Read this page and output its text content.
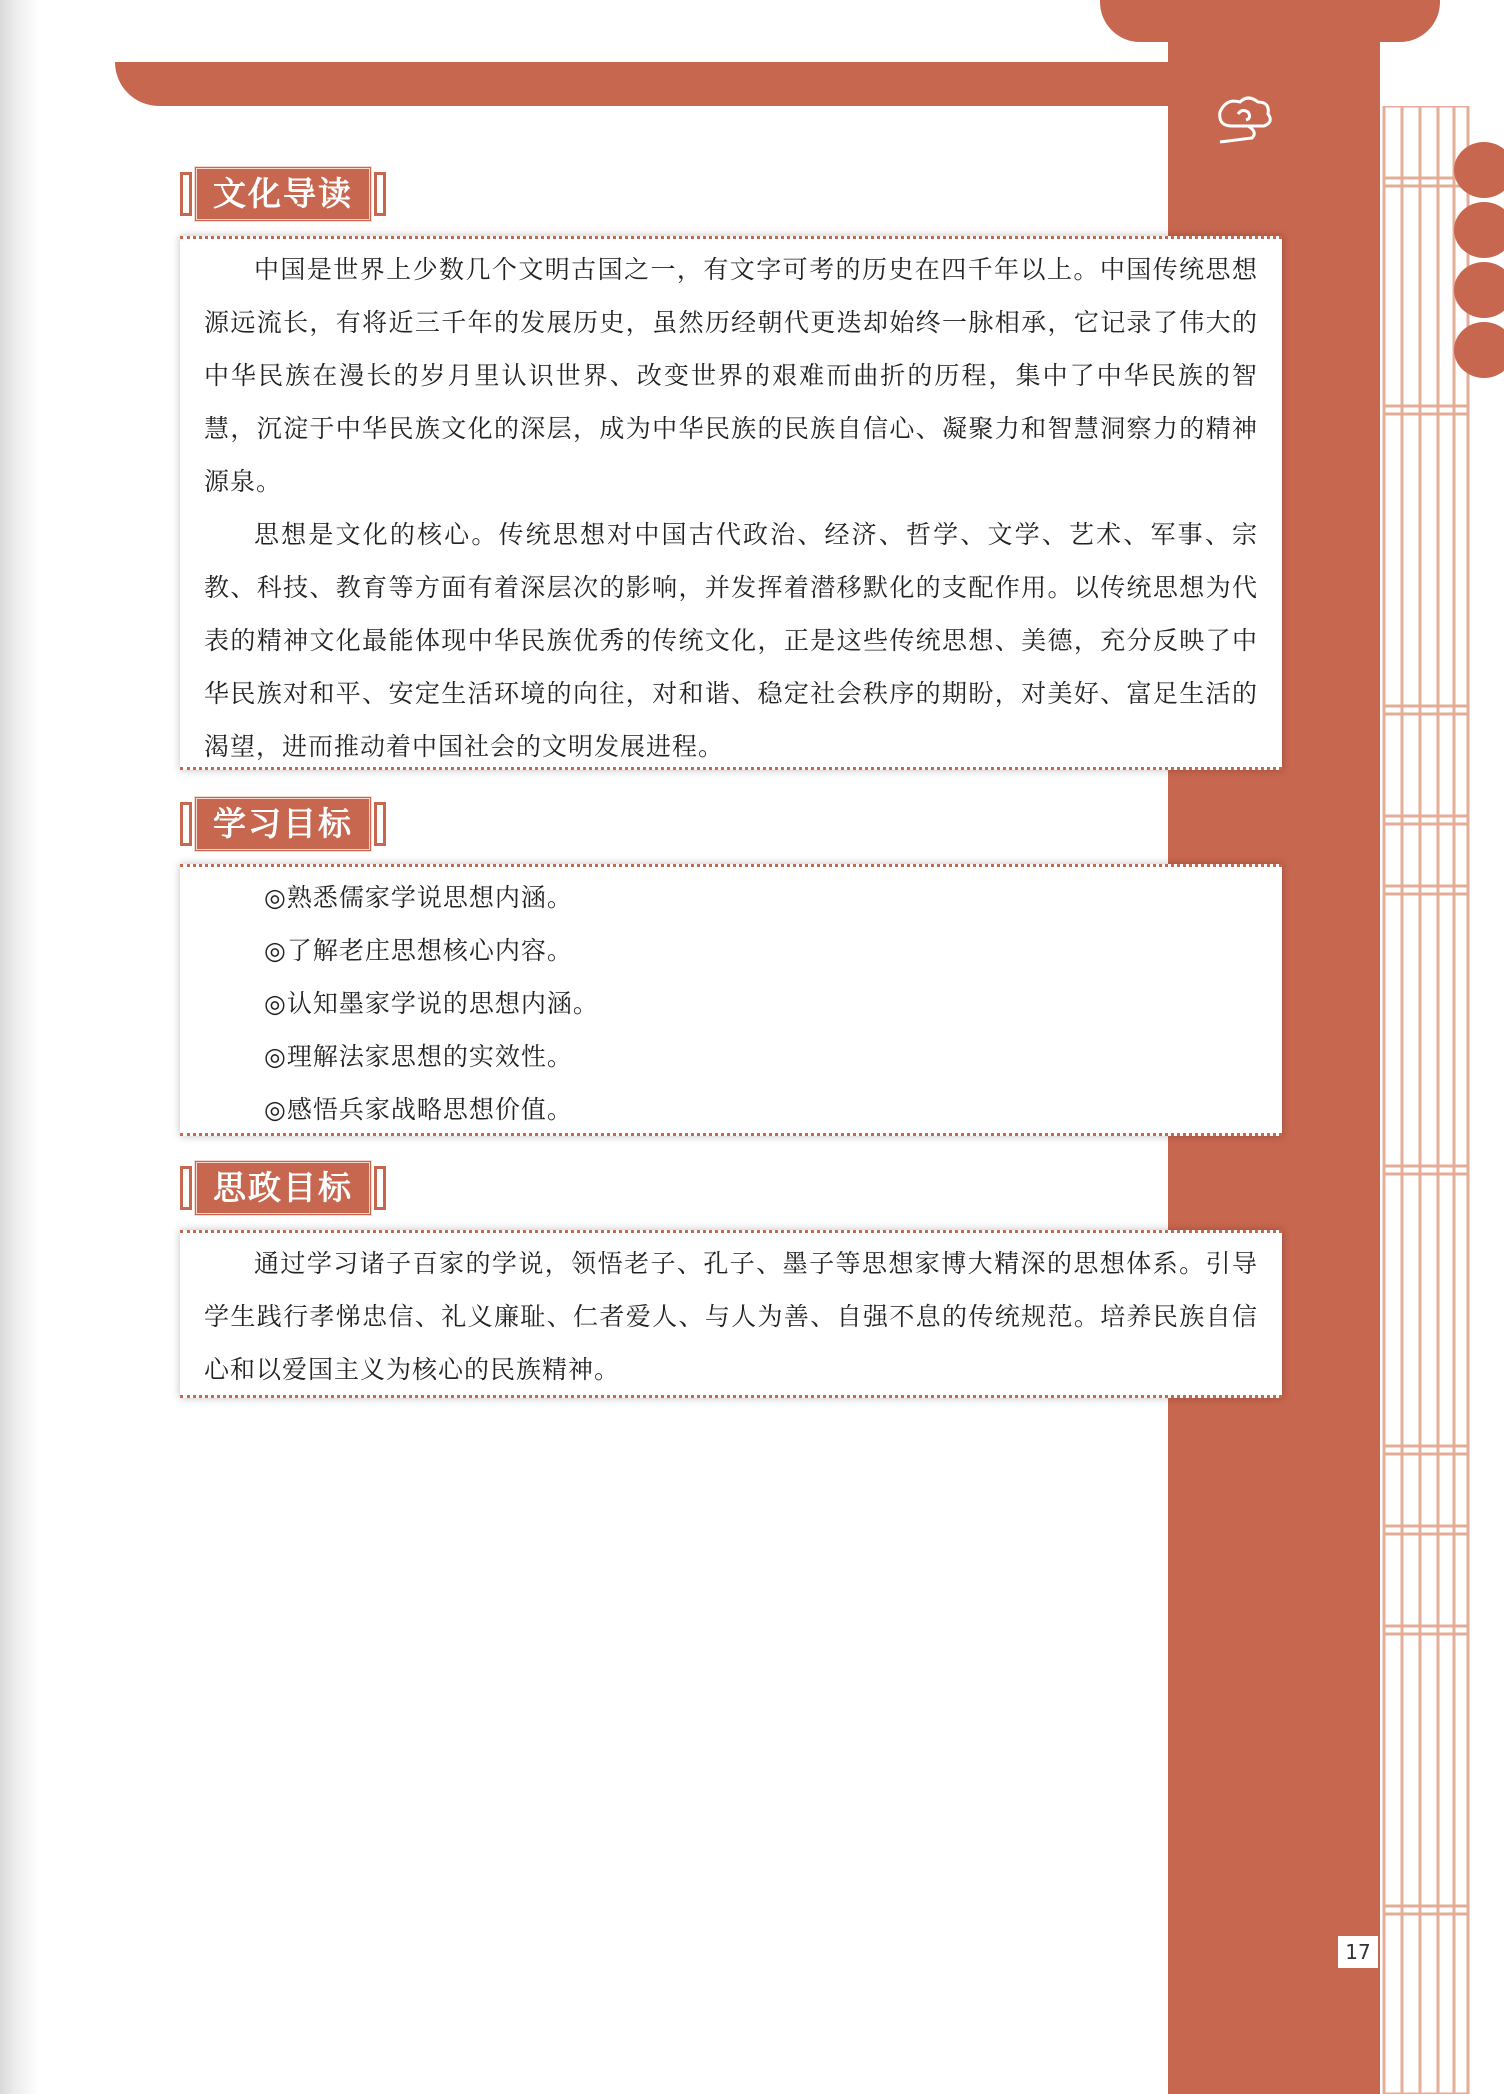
文化导读

中国是世界上少数几个文明古国之一，有文字可考的历史在四千年以上。中国传统思想源远流长，有将近三千年的发展历史，虽然历经朝代更迭却始终一脉相承，它记录了伟大的中华民族在漫长的岁月里认识世界、改变世界的艰难而曲折的历程，集中了中华民族的智慧，沉淀于中华民族文化的深层，成为中华民族的民族自信心、凝聚力和智慧洞察力的精神源泉。

思想是文化的核心。传统思想对中国古代政治、经济、哲学、文学、艺术、军事、宗教、科技、教育等方面有着深层次的影响，并发挥着潜移默化的支配作用。以传统思想为代表的精神文化最能体现中华民族优秀的传统文化，正是这些传统思想、美德，充分反映了中华民族对和平、安定生活环境的向往，对和谐、稳定社会秩序的期盼，对美好、富足生活的渴望，进而推动着中国社会的文明发展进程。

学习目标
◎熟悉儒家学说思想内涵。
◎了解老庄思想核心内容。
◎认知墨家学说的思想内涵。
◎理解法家思想的实效性。
◎感悟兵家战略思想价值。
思政目标

通过学习诸子百家的学说，领悟老子、孔子、墨子等思想家博大精深的思想体系。引导学生践行孝悌忠信、礼义廉耻、仁者爱人、与人为善、自强不息的传统规范。培养民族自信心和以爱国主义为核心的民族精神。

17
